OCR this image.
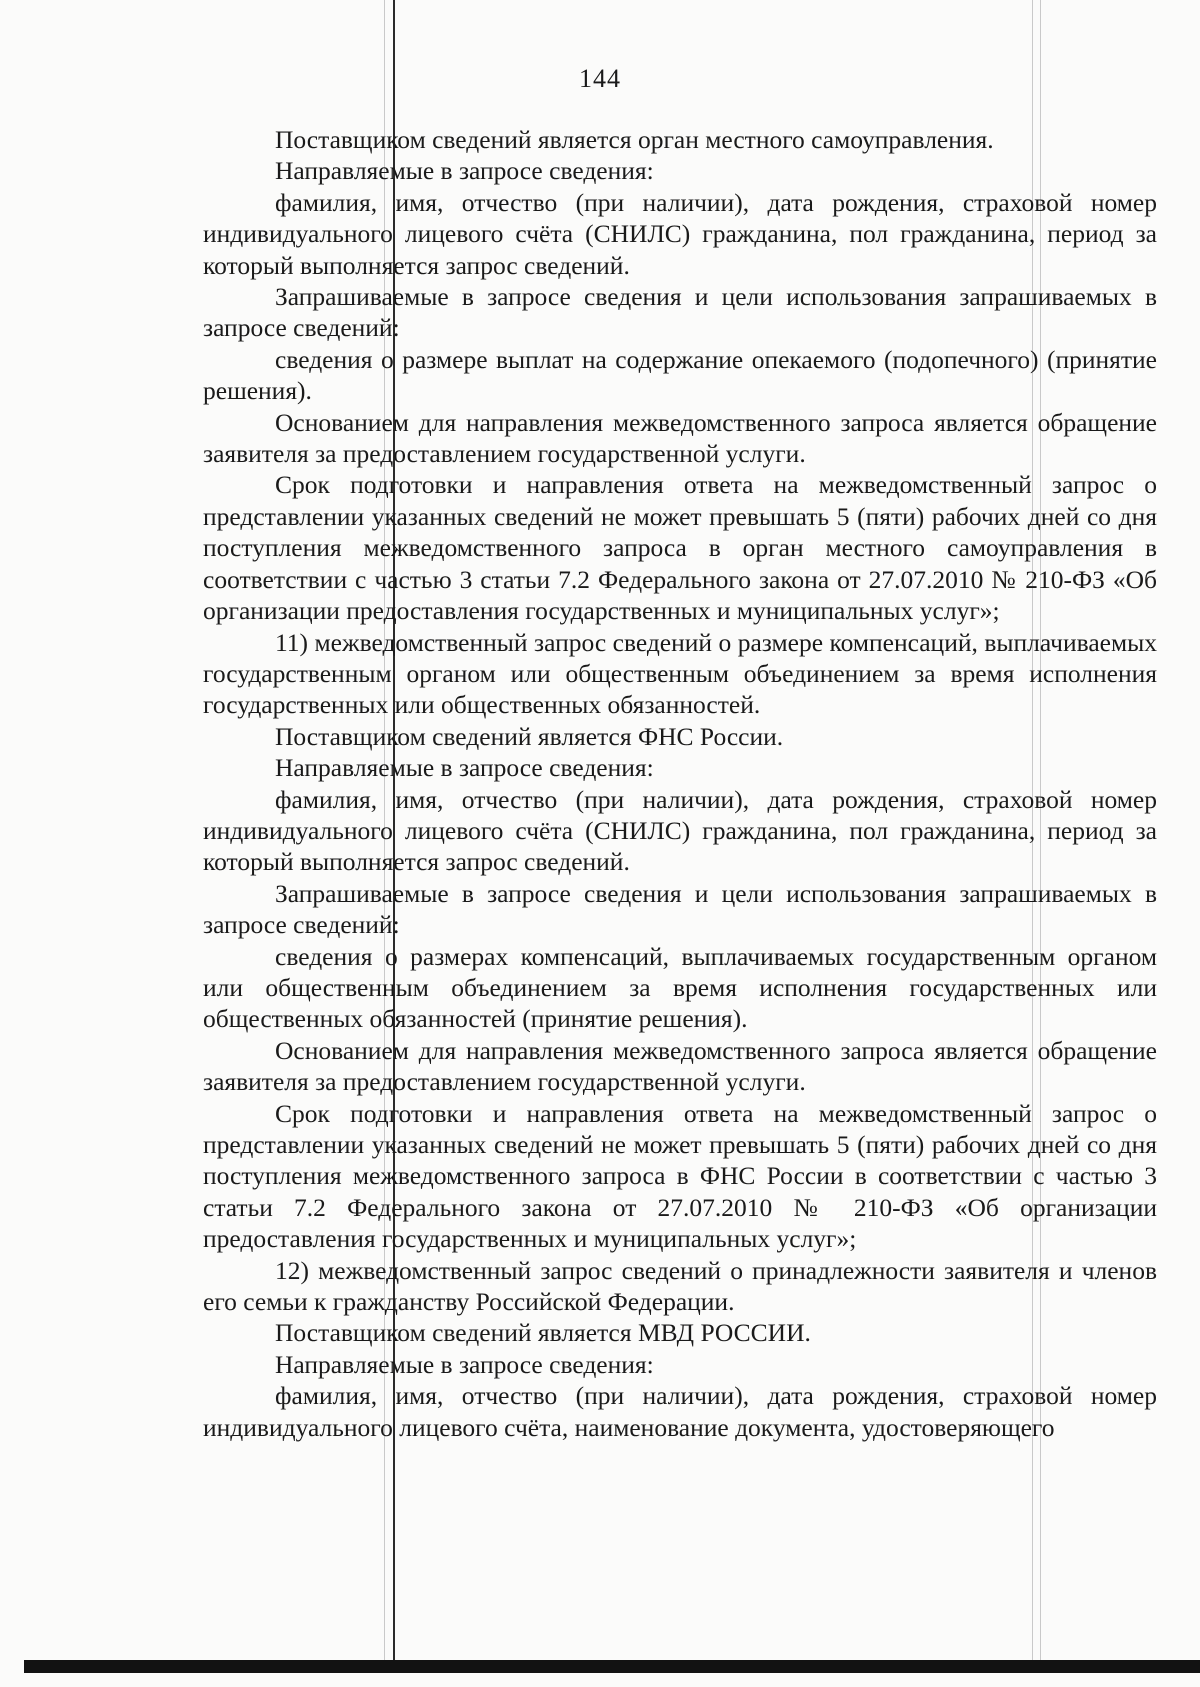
144

Поставщиком сведений является орган местного самоуправления.

Направляемые в запросе сведения:

фамилия, имя, отчество (при наличии), дата рождения, страховой номер индивидуального лицевого счёта (СНИЛС) гражданина, пол гражданина, период за который выполняется запрос сведений.

Запрашиваемые в запросе сведения и цели использования запрашиваемых в запросе сведений:

сведения о размере выплат на содержание опекаемого (подопечного) (принятие решения).

Основанием для направления межведомственного запроса является обращение заявителя за предоставлением государственной услуги.

Срок подготовки и направления ответа на межведомственный запрос о представлении указанных сведений не может превышать 5 (пяти) рабочих дней со дня поступления межведомственного запроса в орган местного самоуправления в соответствии с частью 3 статьи 7.2 Федерального закона от 27.07.2010 № 210-ФЗ «Об организации предоставления государственных и муниципальных услуг»;

11) межведомственный запрос сведений о размере компенсаций, выплачиваемых государственным органом или общественным объединением за время исполнения государственных или общественных обязанностей.

Поставщиком сведений является ФНС России.

Направляемые в запросе сведения:

фамилия, имя, отчество (при наличии), дата рождения, страховой номер индивидуального лицевого счёта (СНИЛС) гражданина, пол гражданина, период за который выполняется запрос сведений.

Запрашиваемые в запросе сведения и цели использования запрашиваемых в запросе сведений:

сведения о размерах компенсаций, выплачиваемых государственным органом или общественным объединением за время исполнения государственных или общественных обязанностей (принятие решения).

Основанием для направления межведомственного запроса является обращение заявителя за предоставлением государственной услуги.

Срок подготовки и направления ответа на межведомственный запрос о представлении указанных сведений не может превышать 5 (пяти) рабочих дней со дня поступления межведомственного запроса в ФНС России в соответствии с частью 3 статьи 7.2 Федерального закона от 27.07.2010 № 210-ФЗ «Об организации предоставления государственных и муниципальных услуг»;

12) межведомственный запрос сведений о принадлежности заявителя и членов его семьи к гражданству Российской Федерации.

Поставщиком сведений является МВД РОССИИ.

Направляемые в запросе сведения:

фамилия, имя, отчество (при наличии), дата рождения, страховой номер индивидуального лицевого счёта, наименование документа, удостоверяющего
